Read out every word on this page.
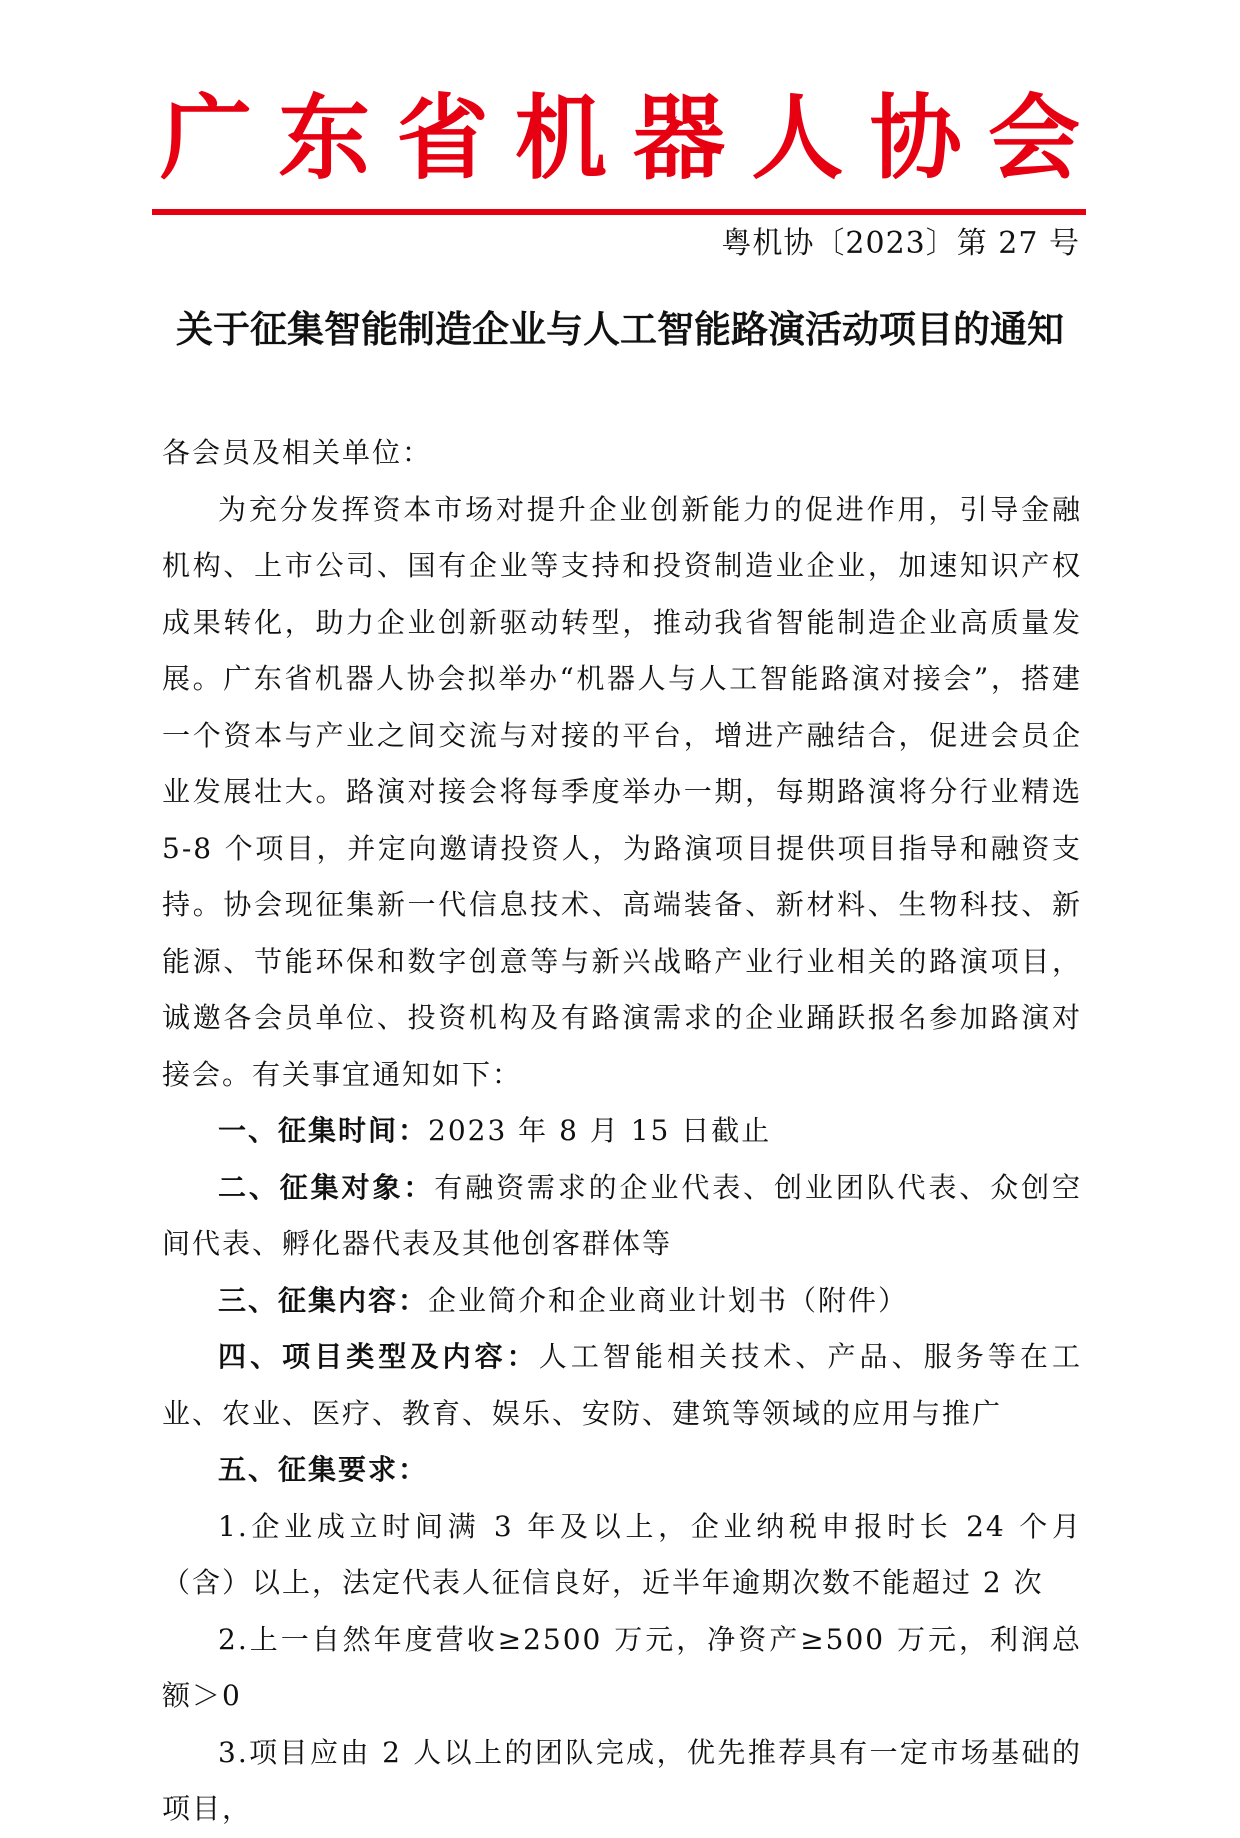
广 东 省 机 器 人 协 会
粤机协〔2023〕第 27 号
关于征集智能制造企业与人工智能路演活动项目的通知

各会员及相关单位：

为充分发挥资本市场对提升企业创新能力的促进作用，引导金融机构、上市公司、国有企业等支持和投资制造业企业，加速知识产权成果转化，助力企业创新驱动转型，推动我省智能制造企业高质量发展。广东省机器人协会拟举办“机器人与人工智能路演对接会”，搭建一个资本与产业之间交流与对接的平台，增进产融结合，促进会员企业发展壮大。路演对接会将每季度举办一期，每期路演将分行业精选 5-8 个项目，并定向邀请投资人，为路演项目提供项目指导和融资支持。协会现征集新一代信息技术、高端装备、新材料、生物科技、新能源、节能环保和数字创意等与新兴战略产业行业相关的路演项目，诚邀各会员单位、投资机构及有路演需求的企业踊跃报名参加路演对接会。有关事宜通知如下：

一、征集时间：2023 年 8 月 15 日截止

二、征集对象：有融资需求的企业代表、创业团队代表、众创空间代表、孵化器代表及其他创客群体等

三、征集内容：企业简介和企业商业计划书（附件）

四、项目类型及内容：人工智能相关技术、产品、服务等在工业、农业、医疗、教育、娱乐、安防、建筑等领域的应用与推广

五、征集要求：

1.企业成立时间满 3 年及以上，企业纳税申报时长 24 个月（含）以上，法定代表人征信良好，近半年逾期次数不能超过 2 次

2.上一自然年度营收≥2500 万元，净资产≥500 万元，利润总额＞0

3.项目应由 2 人以上的团队完成，优先推荐具有一定市场基础的项目，
